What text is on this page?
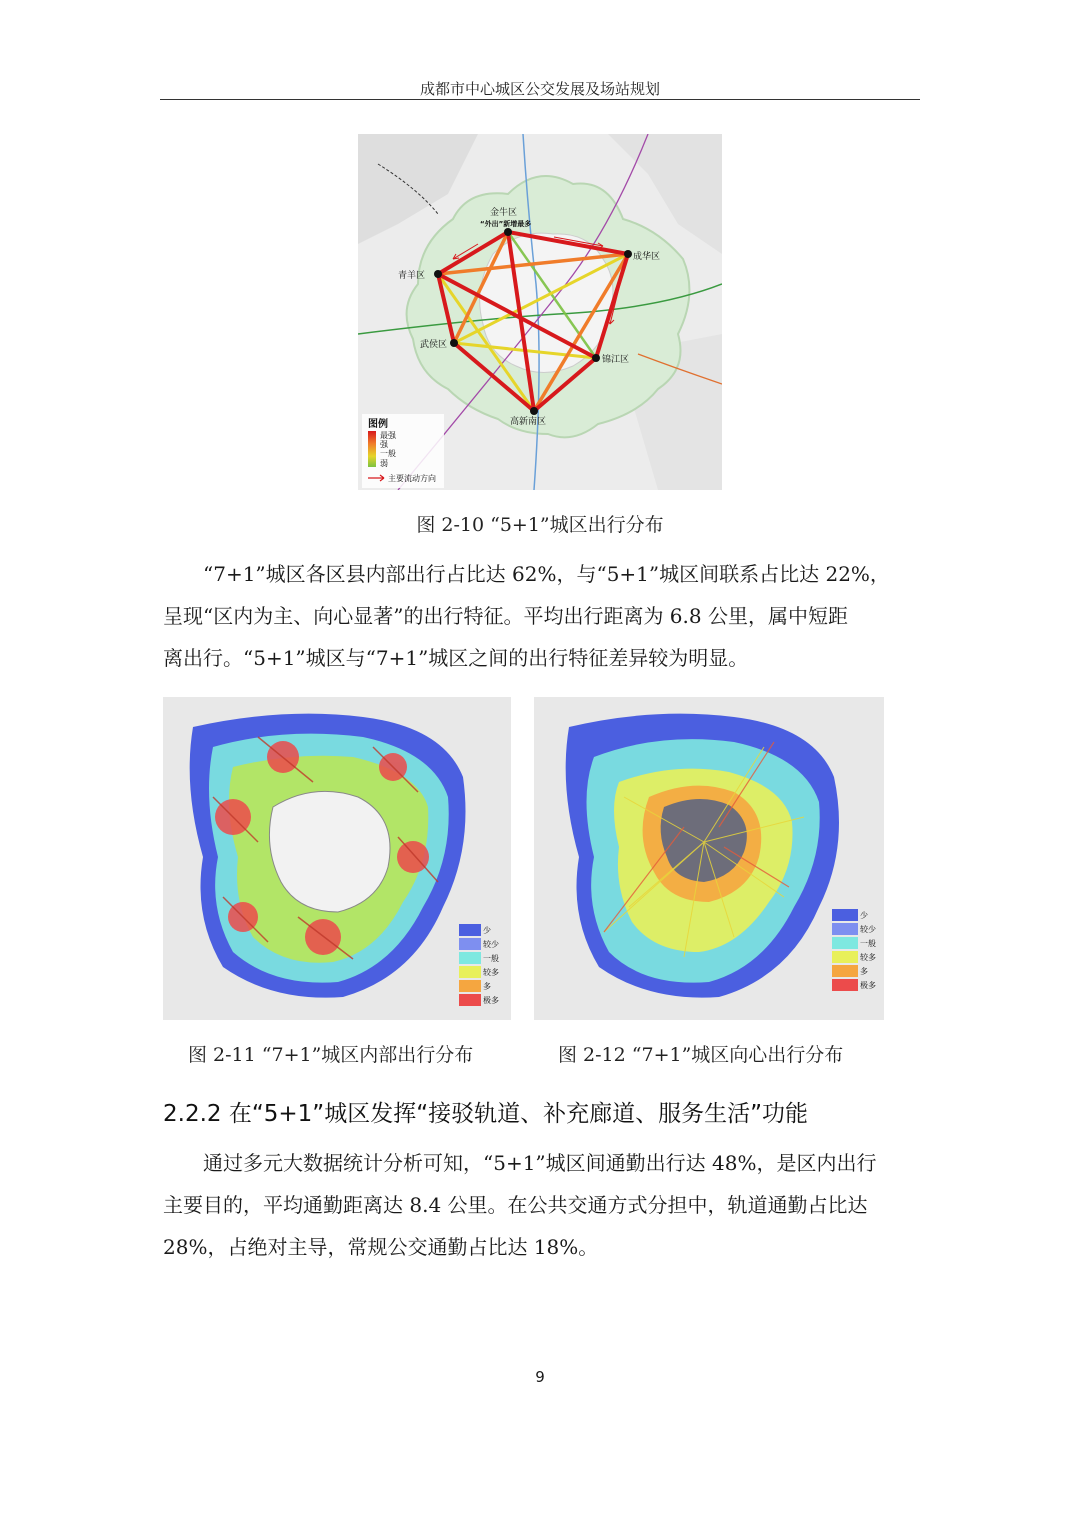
成都市中心城区公交发展及场站规划
金牛区
“外出”新增最多
成华区
青羊区
武侯区
锦江区
高新南区
图例
最强
强
一般
弱
主要流动方向
图 2-10 “5+1”城区出行分布
“7+1”城区各区县内部出行占比达 62%，与“5+1”城区间联系占比达 22%，
呈现“区内为主、向心显著”的出行特征。平均出行距离为 6.8 公里，属中短距
离出行。“5+1”城区与“7+1”城区之间的出行特征差异较为明显。
少
较少
一般
较多
多
极多
少
较少
一般
较多
多
极多
图 2-11 “7+1”城区内部出行分布	图 2-12 “7+1”城区向心出行分布
2.2.2 在“5+1”城区发挥“接驳轨道、补充廊道、服务生活”功能
通过多元大数据统计分析可知，“5+1”城区间通勤出行达 48%，是区内出行
主要目的，平均通勤距离达 8.4 公里。在公共交通方式分担中，轨道通勤占比达
28%，占绝对主导，常规公交通勤占比达 18%。
9
